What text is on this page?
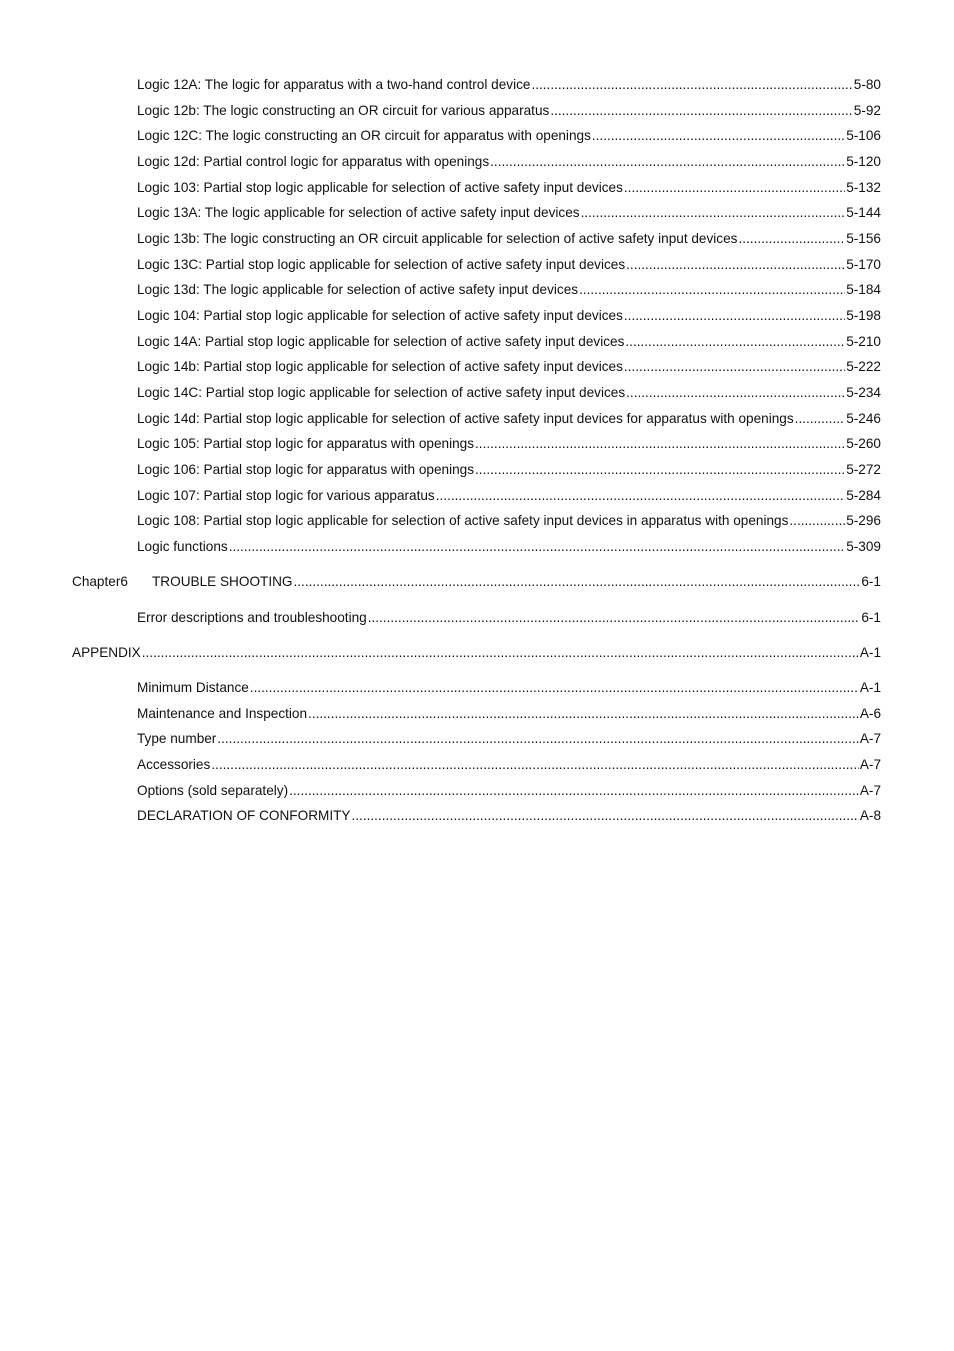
Logic 12A: The logic for apparatus with a two-hand control device .....	5-80
Logic 12b: The logic constructing an OR circuit for various apparatus .....	5-92
Logic 12C: The logic constructing an OR circuit for apparatus with openings .....	5-106
Logic 12d: Partial control logic for apparatus with openings .....	5-120
Logic 103: Partial stop logic applicable for selection of active safety input devices .....	5-132
Logic 13A: The logic applicable for selection of active safety input devices .....	5-144
Logic 13b: The logic constructing an OR circuit applicable for selection of active safety input devices .....	5-156
Logic 13C: Partial stop logic applicable for selection of active safety input devices .....	5-170
Logic 13d: The logic applicable for selection of active safety input devices .....	5-184
Logic 104: Partial stop logic applicable for selection of active safety input devices .....	5-198
Logic 14A: Partial stop logic applicable for selection of active safety input devices .....	5-210
Logic 14b: Partial stop logic applicable for selection of active safety input devices .....	5-222
Logic 14C: Partial stop logic applicable for selection of active safety input devices .....	5-234
Logic 14d: Partial stop logic applicable for selection of active safety input devices for apparatus with openings .....	5-246
Logic 105: Partial stop logic for apparatus with openings .....	5-260
Logic 106: Partial stop logic for apparatus with openings .....	5-272
Logic 107: Partial stop logic for various apparatus .....	5-284
Logic 108: Partial stop logic applicable for selection of active safety input devices in apparatus with openings .....	5-296
Logic functions .....	5-309
Chapter6 TROUBLE SHOOTING .....	6-1
Error descriptions and troubleshooting .....	6-1
APPENDIX .....	A-1
Minimum Distance .....	A-1
Maintenance and Inspection .....	A-6
Type number .....	A-7
Accessories .....	A-7
Options (sold separately) .....	A-7
DECLARATION OF CONFORMITY .....	A-8
